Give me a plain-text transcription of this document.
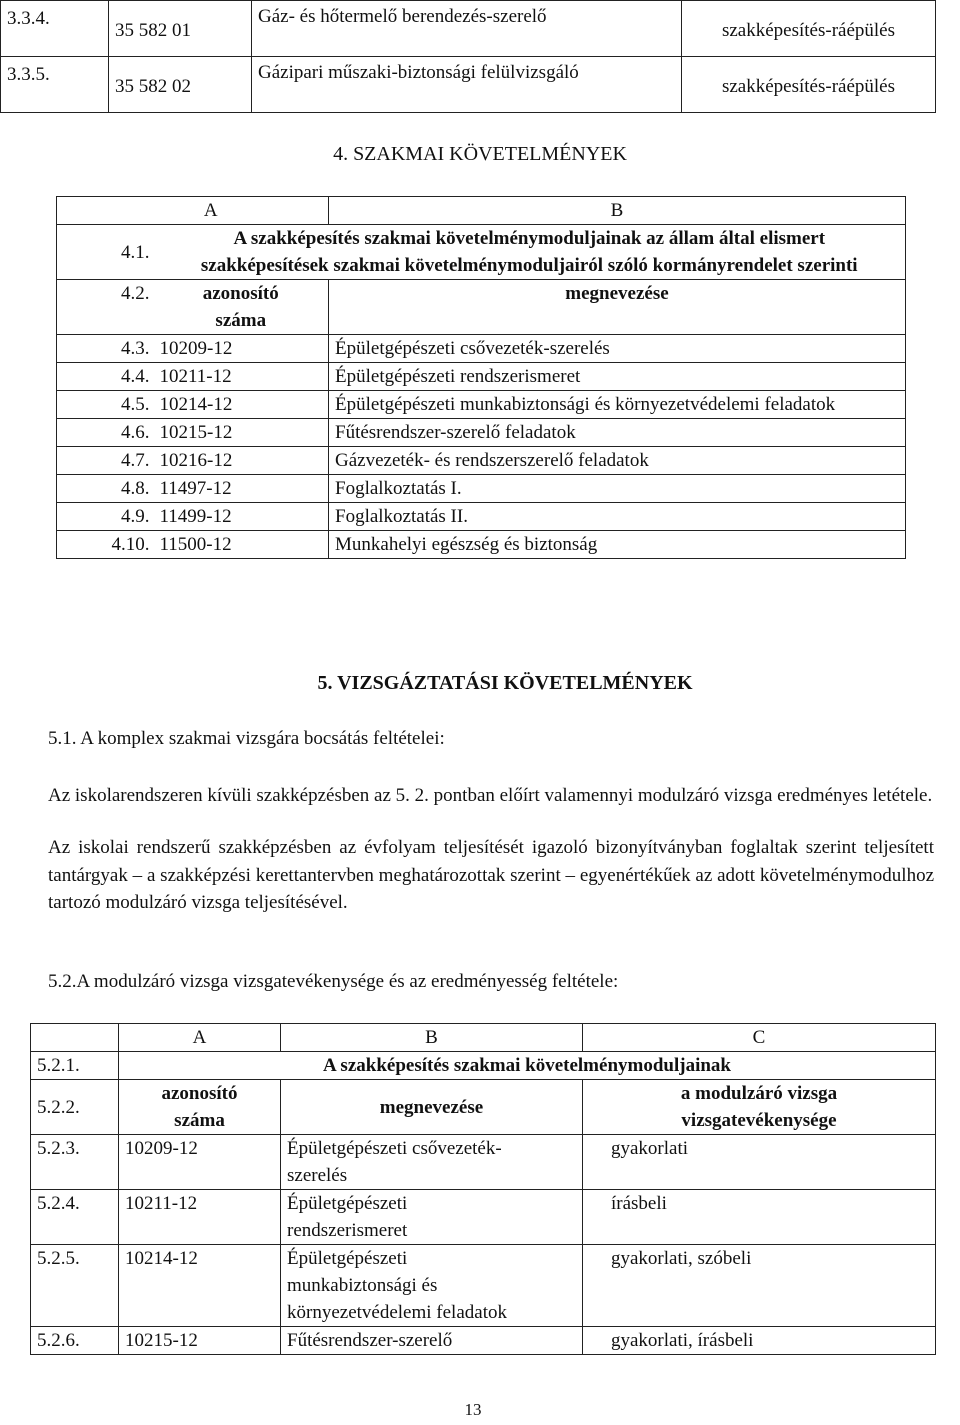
3.3.4.	35 582 01	Gáz- és hőtermelő berendezés-szerelő	szakképesítés-ráépülés
3.3.5.	35 582 02	Gázipari műszaki-biztonsági felülvizsgáló	szakképesítés-ráépülés
4. SZAKMAI KÖVETELMÉNYEK
	A	B
4.1.	A szakképesítés szakmai követelménymoduljainak az állam által elismert szakképesítések szakmai követelménymoduljairól szóló kormányrendelet szerinti	
4.2.	azonosító száma	megnevezése
4.3.	10209-12	Épületgépészeti csővezeték-szerelés
4.4.	10211-12	Épületgépészeti rendszerismeret
4.5.	10214-12	Épületgépészeti munkabiztonsági és környezetvédelemi feladatok
4.6.	10215-12	Fűtésrendszer-szerelő feladatok
4.7.	10216-12	Gázvezeték- és rendszerszerelő feladatok
4.8.	11497-12	Foglalkoztatás I.
4.9.	11499-12	Foglalkoztatás II.
4.10.	11500-12	Munkahelyi egészség és biztonság
5. VIZSGÁZTATÁSI KÖVETELMÉNYEK
5.1. A komplex szakmai vizsgára bocsátás feltételei:
Az iskolarendszeren kívüli szakképzésben az 5. 2. pontban előírt valamennyi modulzáró vizsga eredményes letétele.
Az iskolai rendszerű szakképzésben az évfolyam teljesítését igazoló bizonyítványban foglaltak szerint teljesített tantárgyak – a szakképzési kerettantervben meghatározottak szerint – egyenértékűek az adott követelménymodulhoz tartozó modulzáró vizsga teljesítésével.
5.2.A modulzáró vizsga vizsgatevékenysége és az eredményesség feltétele:
	A	B	C
5.2.1.	A szakképesítés szakmai követelménymoduljainak		
5.2.2.	azonosító száma	megnevezése	a modulzáró vizsga vizsgatevékenysége
5.2.3.	10209-12	Épületgépészeti csővezeték-szerelés	gyakorlati
5.2.4.	10211-12	Épületgépészeti rendszerismeret	írásbeli
5.2.5.	10214-12	Épületgépészeti munkabiztonsági és környezetvédelemi feladatok	gyakorlati, szóbeli
5.2.6.	10215-12	Fűtésrendszer-szerelő	gyakorlati, írásbeli
13
